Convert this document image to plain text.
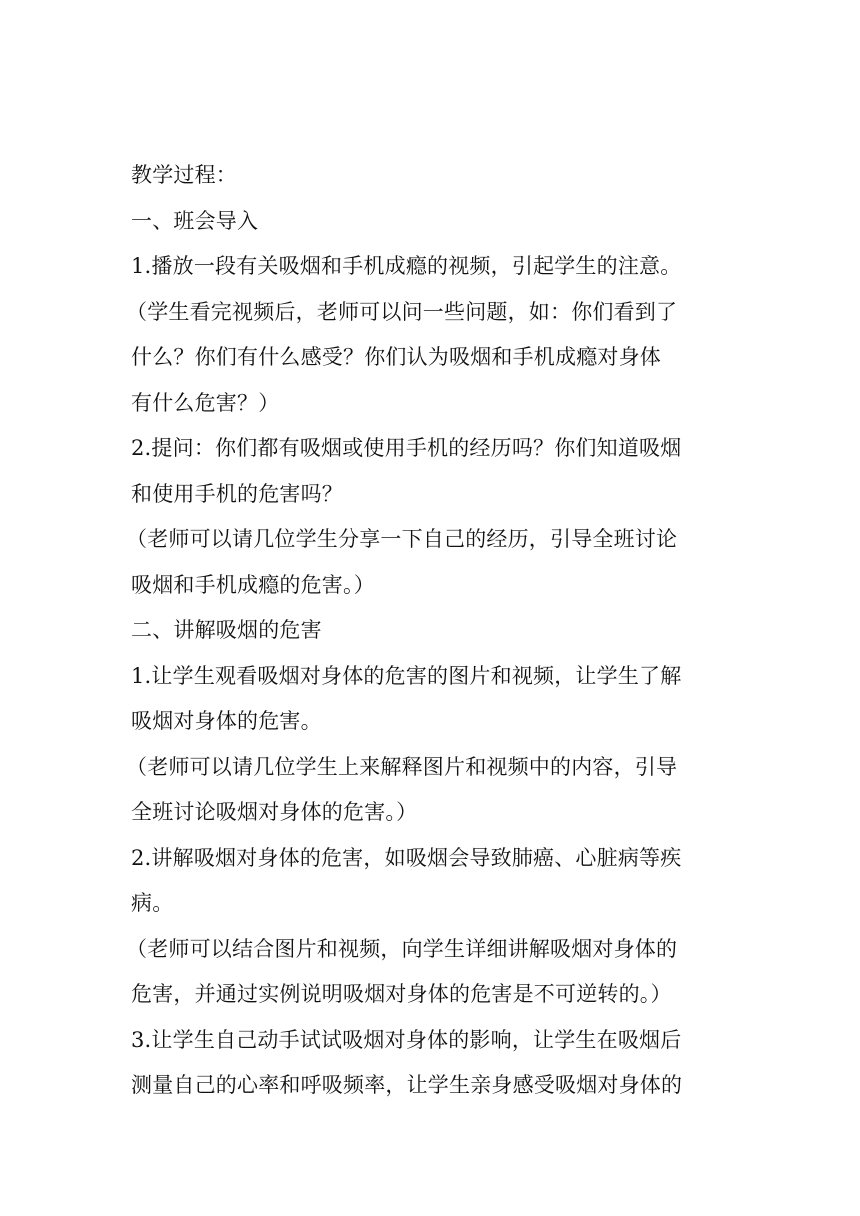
教学过程：
一、班会导入
1.播放一段有关吸烟和手机成瘾的视频，引起学生的注意。
（学生看完视频后，老师可以问一些问题，如：你们看到了
什么？你们有什么感受？你们认为吸烟和手机成瘾对身体
有什么危害？）
2.提问：你们都有吸烟或使用手机的经历吗？你们知道吸烟
和使用手机的危害吗？
（老师可以请几位学生分享一下自己的经历，引导全班讨论
吸烟和手机成瘾的危害。）
二、讲解吸烟的危害
1.让学生观看吸烟对身体的危害的图片和视频，让学生了解
吸烟对身体的危害。
（老师可以请几位学生上来解释图片和视频中的内容，引导
全班讨论吸烟对身体的危害。）
2.讲解吸烟对身体的危害，如吸烟会导致肺癌、心脏病等疾
病。
（老师可以结合图片和视频，向学生详细讲解吸烟对身体的
危害，并通过实例说明吸烟对身体的危害是不可逆转的。）
3.让学生自己动手试试吸烟对身体的影响，让学生在吸烟后
测量自己的心率和呼吸频率，让学生亲身感受吸烟对身体的
